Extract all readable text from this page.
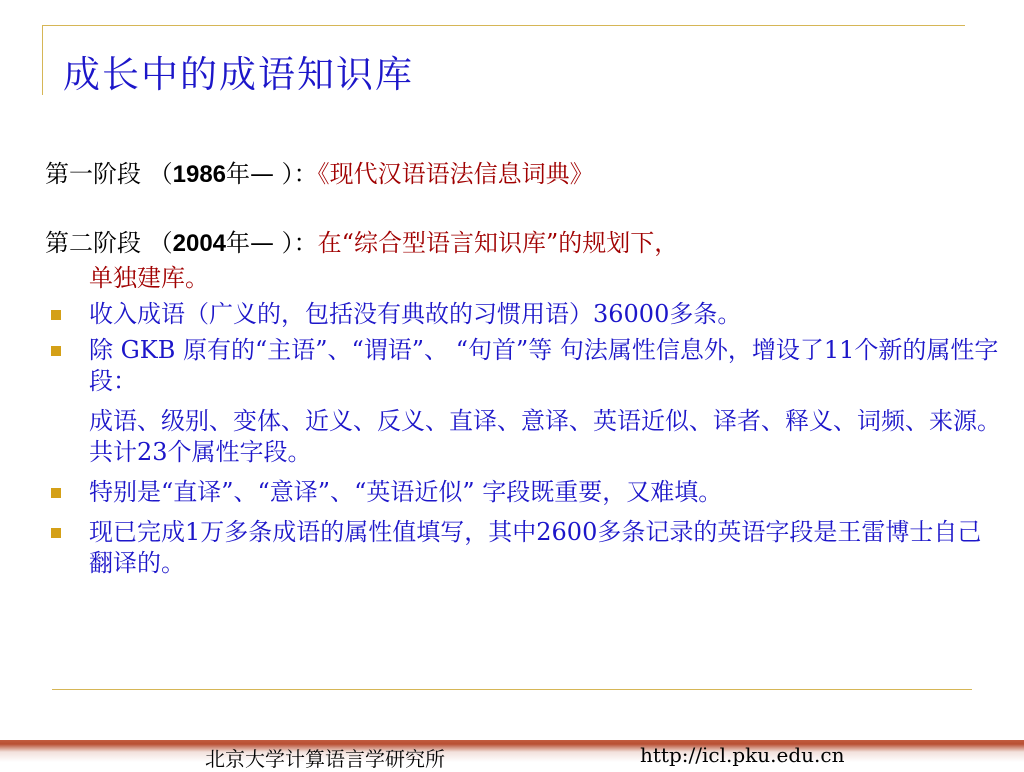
成长中的成语知识库

第一阶段 （1986年— ）：《现代汉语语法信息词典》

第二阶段 （2004年— ）：在“综合型语言知识库”的规划下，
单独建库。

收入成语（广义的，包括没有典故的习惯用语）36000多条。

除 GKB 原有的“主语”、“谓语”、 “句首”等 句法属性信息外，增设了11个新的属性字段：

成语、级别、变体、近义、反义、直译、意译、英语近似、译者、释义、词频、来源。共计23个属性字段。

特别是“直译”、“意译”、“英语近似” 字段既重要，又难填。

现已完成1万多条成语的属性值填写，其中2600多条记录的英语字段是王雷博士自己翻译的。

北京大学计算语言学研究所	http://icl.pku.edu.cn
